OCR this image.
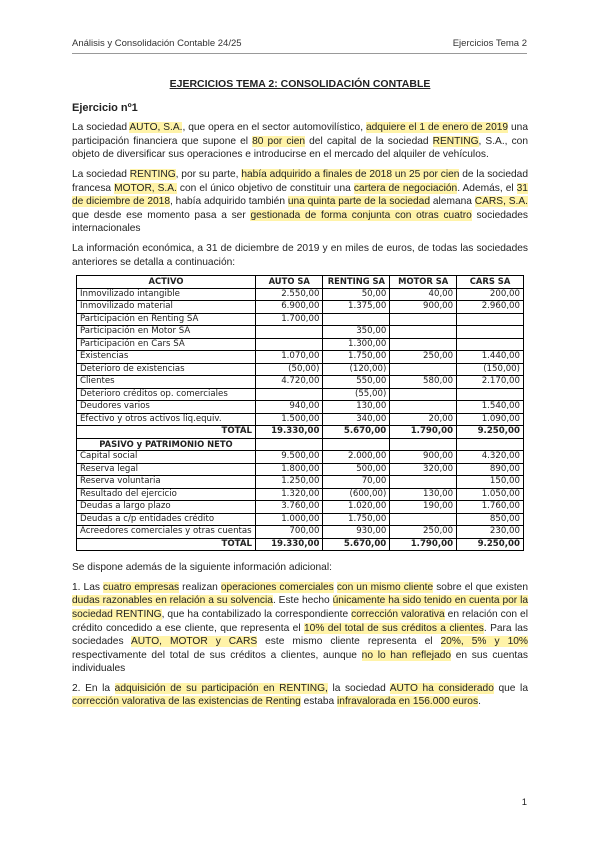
Análisis y Consolidación Contable 24/25	Ejercicios Tema 2
EJERCICIOS TEMA 2: CONSOLIDACIÓN CONTABLE
Ejercicio nº1

La sociedad AUTO, S.A., que opera en el sector automovilístico, adquiere el 1 de enero de 2019 una participación financiera que supone el 80 por cien del capital de la sociedad RENTING, S.A., con objeto de diversificar sus operaciones e introducirse en el mercado del alquiler de vehículos.

La sociedad RENTING, por su parte, había adquirido a finales de 2018 un 25 por cien de la sociedad francesa MOTOR, S.A. con el único objetivo de constituir una cartera de negociación. Además, el 31 de diciembre de 2018, había adquirido también una quinta parte de la sociedad alemana CARS, S.A. que desde ese momento pasa a ser gestionada de forma conjunta con otras cuatro sociedades internacionales

La información económica, a 31 de diciembre de 2019 y en miles de euros, de todas las sociedades anteriores se detalla a continuación:

ACTIVO	AUTO SA	RENTING SA	MOTOR SA	CARS SA
Inmovilizado intangible	2.550,00	50,00	40,00	200,00
Inmovilizado material	6.900,00	1.375,00	900,00	2.960,00
Participación en Renting SA	1.700,00			
Participación en Motor SA		350,00		
Participación en Cars SA		1.300,00		
Existencias	1.070,00	1.750,00	250,00	1.440,00
Deterioro de existencias	(50,00)	(120,00)		(150,00)
Clientes	4.720,00	550,00	580,00	2.170,00
Deterioro créditos op. comerciales		(55,00)		
Deudores varios	940,00	130,00		1.540,00
Efectivo y otros activos liq.equiv.	1.500,00	340,00	20,00	1.090,00
TOTAL	19.330,00	5.670,00	1.790,00	9.250,00
PASIVO y PATRIMONIO NETO				
Capital social	9.500,00	2.000,00	900,00	4.320,00
Reserva legal	1.800,00	500,00	320,00	890,00
Reserva voluntaria	1.250,00	70,00		150,00
Resultado del ejercicio	1.320,00	(600,00)	130,00	1.050,00
Deudas a largo plazo	3.760,00	1.020,00	190,00	1.760,00
Deudas a c/p entidades crédito	1.000,00	1.750,00		850,00
Acreedores comerciales y otras cuentas	700,00	930,00	250,00	230,00
TOTAL	19.330,00	5.670,00	1.790,00	9.250,00

Se dispone además de la siguiente información adicional:

1. Las cuatro empresas realizan operaciones comerciales con un mismo cliente sobre el que existen dudas razonables en relación a su solvencia. Este hecho únicamente ha sido tenido en cuenta por la sociedad RENTING, que ha contabilizado la correspondiente corrección valorativa en relación con el crédito concedido a ese cliente, que representa el 10% del total de sus créditos a clientes. Para las sociedades AUTO, MOTOR y CARS este mismo cliente representa el 20%, 5% y 10% respectivamente del total de sus créditos a clientes, aunque no lo han reflejado en sus cuentas individuales

2. En la adquisición de su participación en RENTING, la sociedad AUTO ha considerado que la corrección valorativa de las existencias de Renting estaba infravalorada en 156.000 euros.

1
